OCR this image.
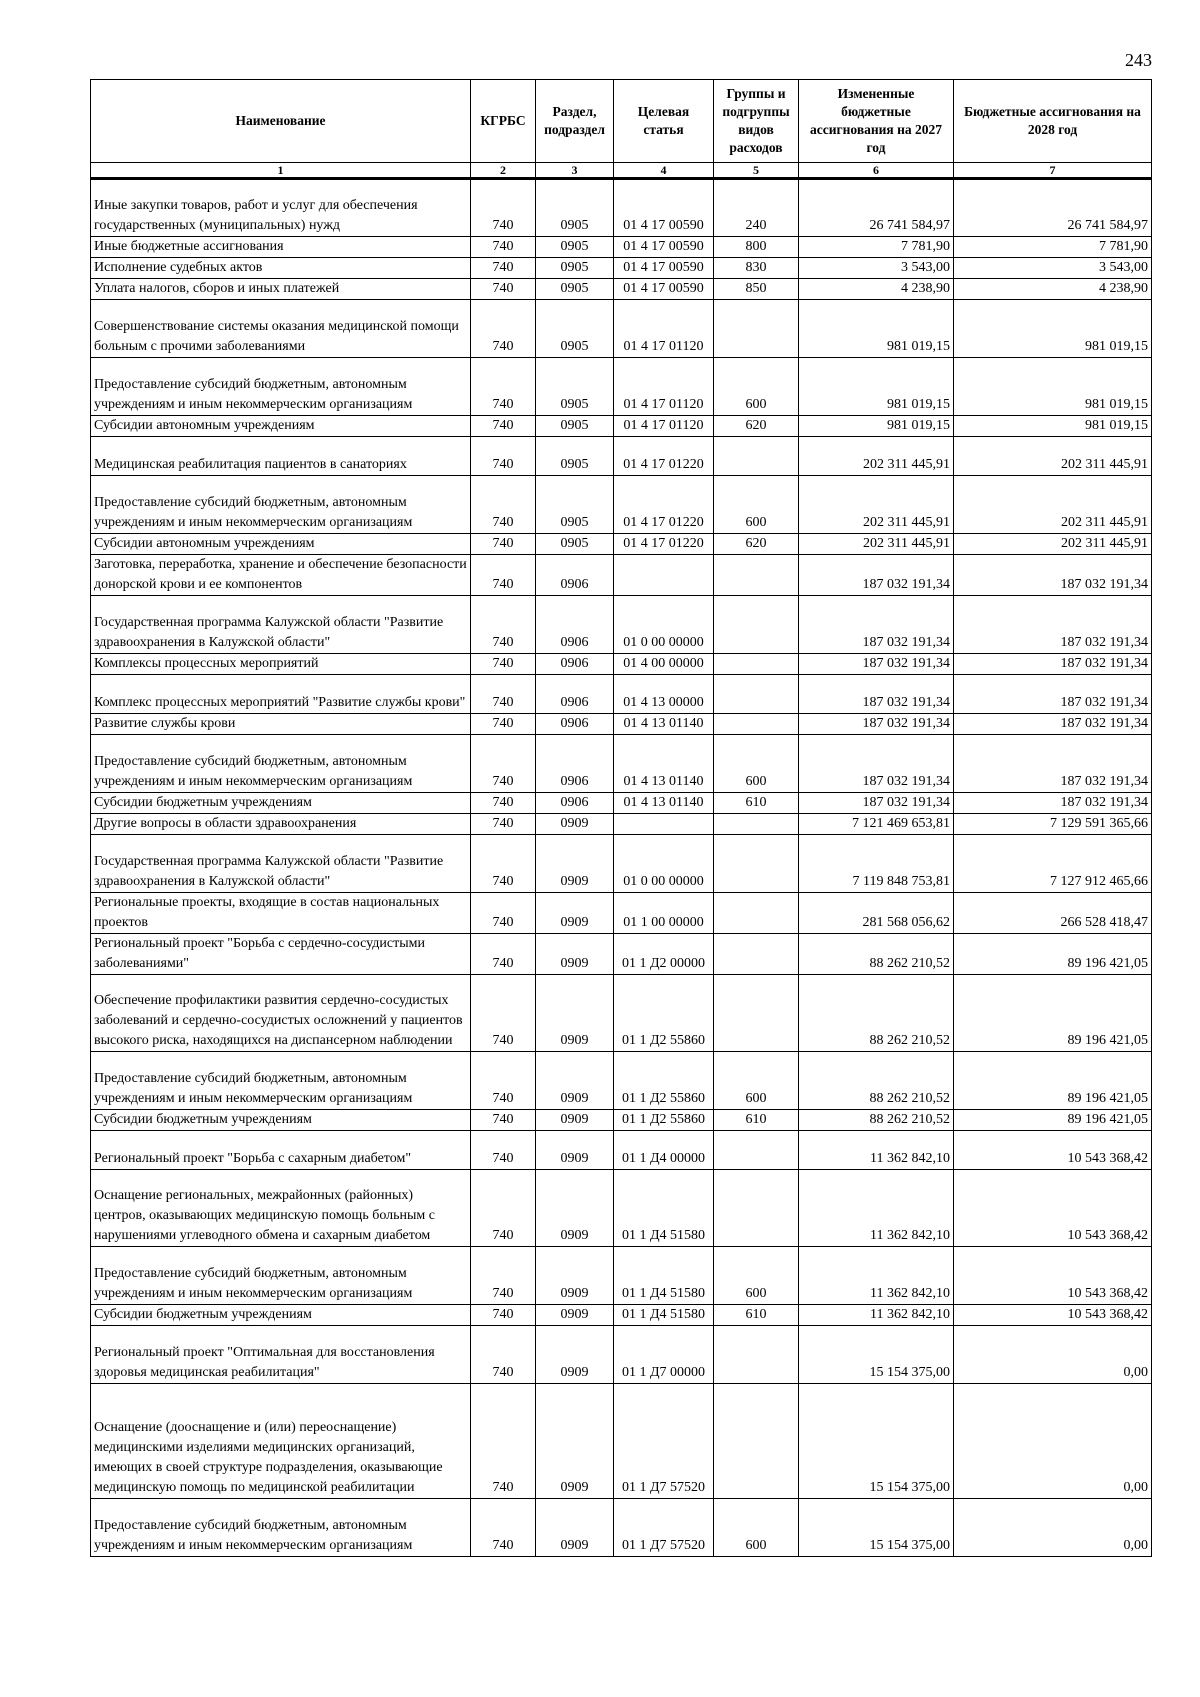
243
Наименование	КГРБС	Раздел, подраздел	Целевая статья	Группы и подгруппы видов расходов	Измененные бюджетные ассигнования на 2027 год	Бюджетные ассигнования на 2028 год
1	2	3	4	5	6	7
Иные закупки товаров, работ и услуг для обеспечения государственных (муниципальных) нужд	740	0905	01 4 17 00590	240	26 741 584,97	26 741 584,97
Иные бюджетные ассигнования	740	0905	01 4 17 00590	800	7 781,90	7 781,90
Исполнение судебных актов	740	0905	01 4 17 00590	830	3 543,00	3 543,00
Уплата налогов, сборов и иных платежей	740	0905	01 4 17 00590	850	4 238,90	4 238,90
Совершенствование системы оказания медицинской помощи больным с прочими заболеваниями	740	0905	01 4 17 01120		981 019,15	981 019,15
Предоставление субсидий бюджетным, автономным учреждениям и иным некоммерческим организациям	740	0905	01 4 17 01120	600	981 019,15	981 019,15
Субсидии автономным учреждениям	740	0905	01 4 17 01120	620	981 019,15	981 019,15
Медицинская реабилитация пациентов в санаториях	740	0905	01 4 17 01220		202 311 445,91	202 311 445,91
Предоставление субсидий бюджетным, автономным учреждениям и иным некоммерческим организациям	740	0905	01 4 17 01220	600	202 311 445,91	202 311 445,91
Субсидии автономным учреждениям	740	0905	01 4 17 01220	620	202 311 445,91	202 311 445,91
Заготовка, переработка, хранение и обеспечение безопасности донорской крови и ее компонентов	740	0906			187 032 191,34	187 032 191,34
Государственная программа Калужской области "Развитие здравоохранения в Калужской области"	740	0906	01 0 00 00000		187 032 191,34	187 032 191,34
Комплексы процессных мероприятий	740	0906	01 4 00 00000		187 032 191,34	187 032 191,34
Комплекс процессных мероприятий "Развитие службы крови"	740	0906	01 4 13 00000		187 032 191,34	187 032 191,34
Развитие службы крови	740	0906	01 4 13 01140		187 032 191,34	187 032 191,34
Предоставление субсидий бюджетным, автономным учреждениям и иным некоммерческим организациям	740	0906	01 4 13 01140	600	187 032 191,34	187 032 191,34
Субсидии бюджетным учреждениям	740	0906	01 4 13 01140	610	187 032 191,34	187 032 191,34
Другие вопросы в области здравоохранения	740	0909			7 121 469 653,81	7 129 591 365,66
Государственная программа Калужской области "Развитие здравоохранения в Калужской области"	740	0909	01 0 00 00000		7 119 848 753,81	7 127 912 465,66
Региональные проекты, входящие в состав национальных проектов	740	0909	01 1 00 00000		281 568 056,62	266 528 418,47
Региональный проект "Борьба с сердечно-сосудистыми заболеваниями"	740	0909	01 1 Д2 00000		88 262 210,52	89 196 421,05
Обеспечение профилактики развития сердечно-сосудистых заболеваний и сердечно-сосудистых осложнений у пациентов высокого риска, находящихся на диспансерном наблюдении	740	0909	01 1 Д2 55860		88 262 210,52	89 196 421,05
Предоставление субсидий бюджетным, автономным учреждениям и иным некоммерческим организациям	740	0909	01 1 Д2 55860	600	88 262 210,52	89 196 421,05
Субсидии бюджетным учреждениям	740	0909	01 1 Д2 55860	610	88 262 210,52	89 196 421,05
Региональный проект "Борьба с сахарным диабетом"	740	0909	01 1 Д4 00000		11 362 842,10	10 543 368,42
Оснащение региональных, межрайонных (районных) центров, оказывающих медицинскую помощь больным с нарушениями углеводного обмена и сахарным диабетом	740	0909	01 1 Д4 51580		11 362 842,10	10 543 368,42
Предоставление субсидий бюджетным, автономным учреждениям и иным некоммерческим организациям	740	0909	01 1 Д4 51580	600	11 362 842,10	10 543 368,42
Субсидии бюджетным учреждениям	740	0909	01 1 Д4 51580	610	11 362 842,10	10 543 368,42
Региональный проект "Оптимальная для восстановления здоровья медицинская реабилитация"	740	0909	01 1 Д7 00000		15 154 375,00	0,00
Оснащение (дооснащение и (или) переоснащение) медицинскими изделиями медицинских организаций, имеющих в своей структуре подразделения, оказывающие медицинскую помощь по медицинской реабилитации	740	0909	01 1 Д7 57520		15 154 375,00	0,00
Предоставление субсидий бюджетным, автономным учреждениям и иным некоммерческим организациям	740	0909	01 1 Д7 57520	600	15 154 375,00	0,00
